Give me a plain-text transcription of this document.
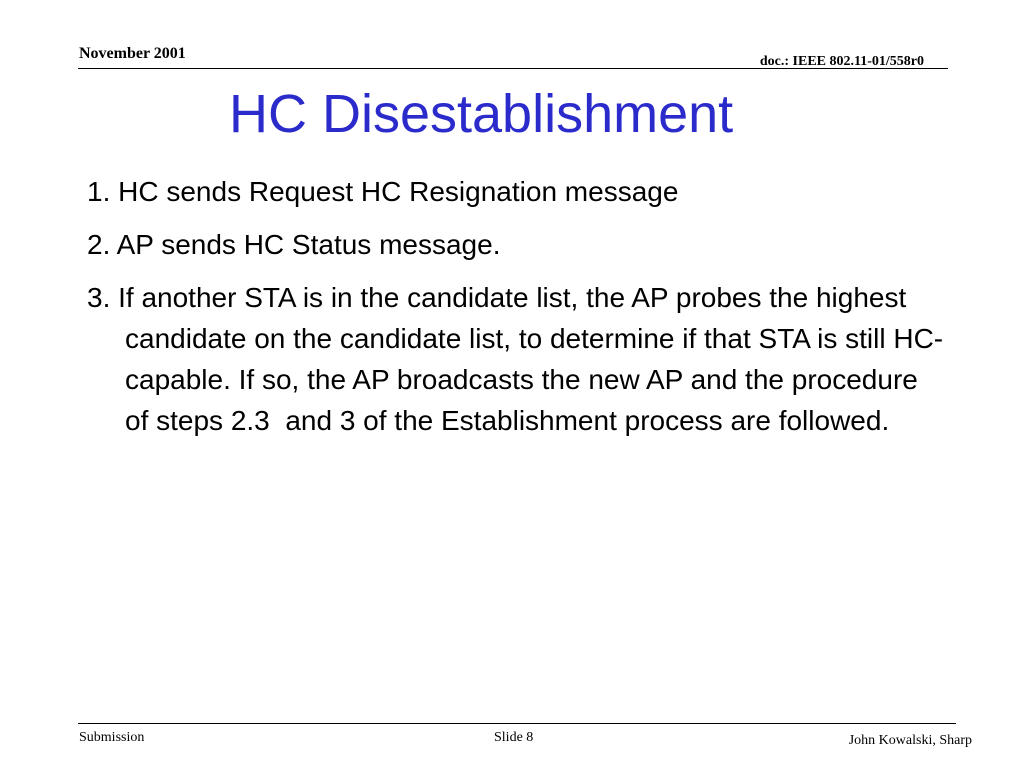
November 2001	doc.: IEEE 802.11-01/558r0
HC Disestablishment
1. HC sends Request HC Resignation message
2. AP sends HC Status message.
3. If another STA is in the candidate list, the AP probes the highest candidate on the candidate list, to determine if that STA is still HC-capable. If so, the AP broadcasts the new AP and the procedure of steps 2.3  and 3 of the Establishment process are followed.
Submission	Slide 8	John Kowalski, Sharp
